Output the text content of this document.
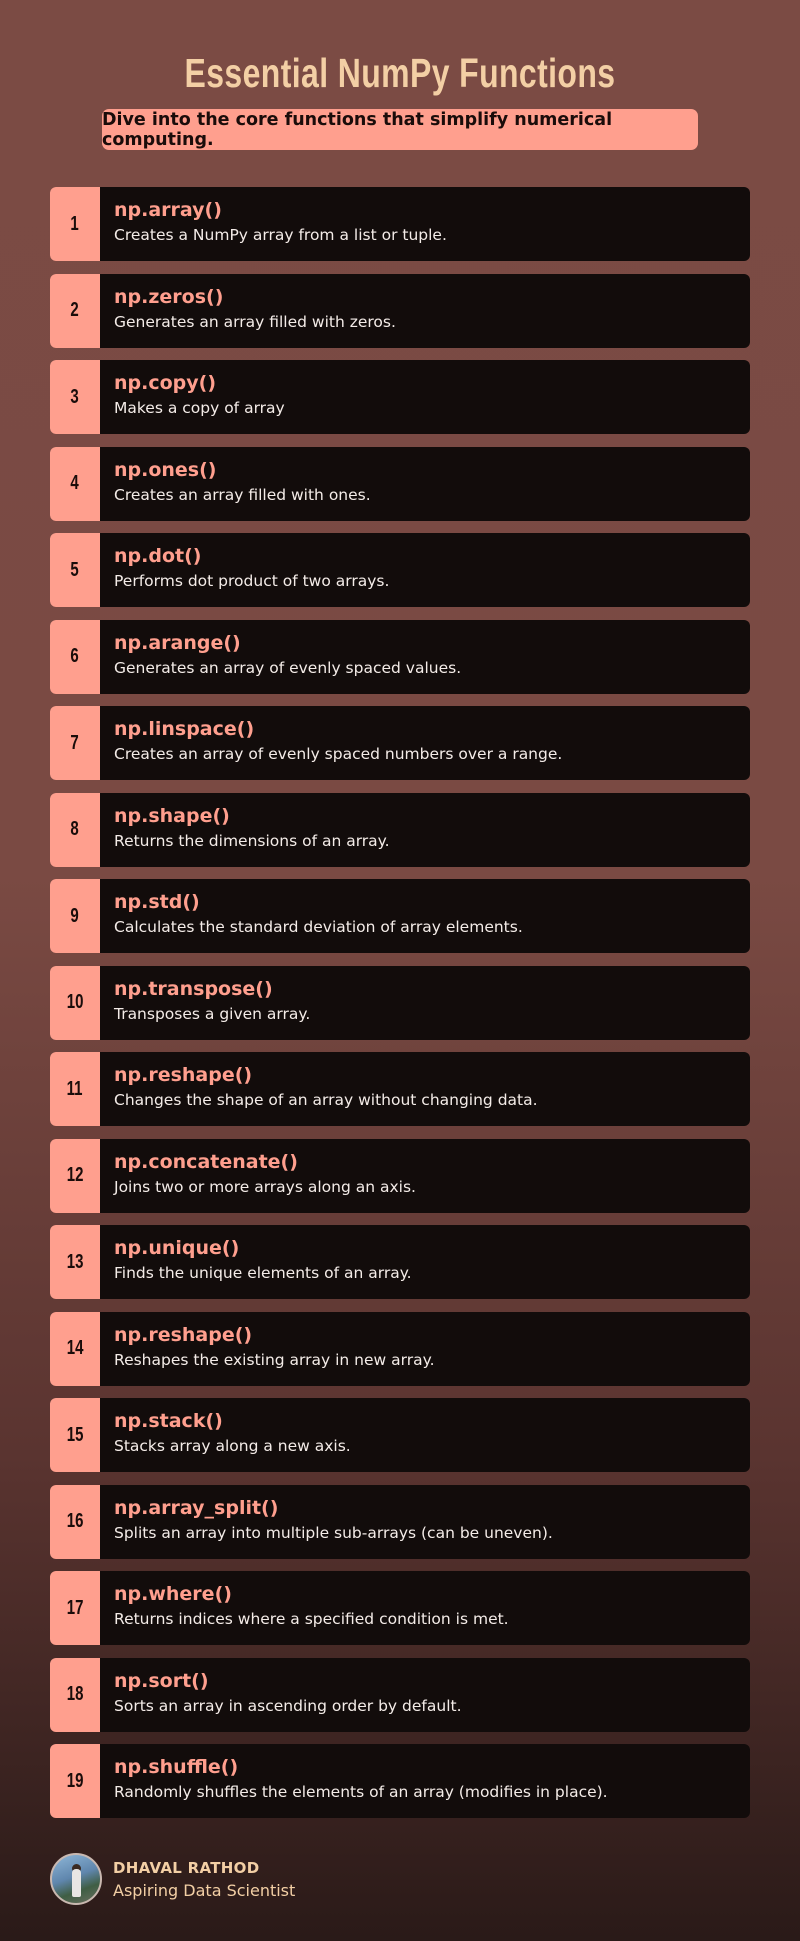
Essential NumPy Functions
Dive into the core functions that simplify numerical computing.
1
np.array()
Creates a NumPy array from a list or tuple.
2
np.zeros()
Generates an array filled with zeros.
3
np.copy()
Makes a copy of array
4
np.ones()
Creates an array filled with ones.
5
np.dot()
Performs dot product of two arrays.
6
np.arange()
Generates an array of evenly spaced values.
7
np.linspace()
Creates an array of evenly spaced numbers over a range.
8
np.shape()
Returns the dimensions of an array.
9
np.std()
Calculates the standard deviation of array elements.
10
np.transpose()
Transposes a given array.
11
np.reshape()
Changes the shape of an array without changing data.
12
np.concatenate()
Joins two or more arrays along an axis.
13
np.unique()
Finds the unique elements of an array.
14
np.reshape()
Reshapes the existing array in new array.
15
np.stack()
Stacks array along a new axis.
16
np.array_split()
Splits an array into multiple sub-arrays (can be uneven).
17
np.where()
Returns indices where a specified condition is met.
18
np.sort()
Sorts an array in ascending order by default.
19
np.shuffle()
Randomly shuffles the elements of an array (modifies in place).
DHAVAL RATHOD
Aspiring Data Scientist
